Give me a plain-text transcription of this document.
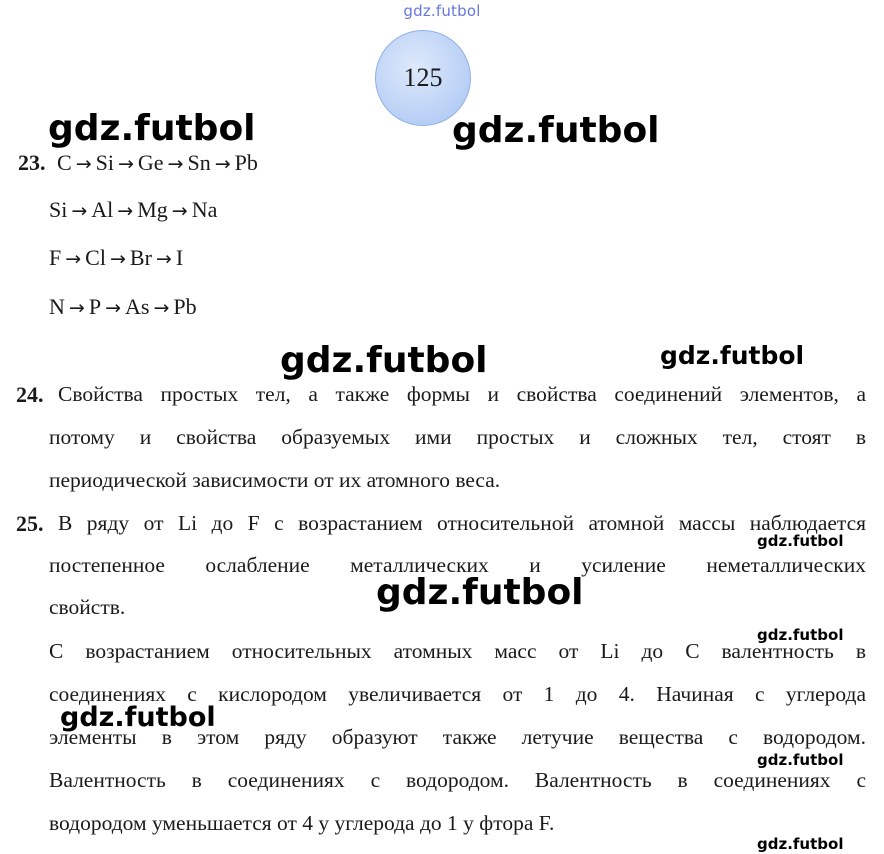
gdz.futbol
125
23. C → Si → Ge → Sn → Pb
Si → Al → Mg → Na
F → Cl → Br → I
N → P → As → Pb
24. Свойства простых тел, а также формы и свойства соединений элементов, а
потому и свойства образуемых ими простых и сложных тел, стоят в
периодической зависимости от их атомного веса.
25. В ряду от Li до F с возрастанием относительной атомной массы наблюдается
постепенное ослабление металлических и усиление неметаллических
свойств.
С возрастанием относительных атомных масс от Li до С валентность в
соединениях с кислородом увеличивается от 1 до 4. Начиная с углерода
элементы в этом ряду образуют также летучие вещества с водородом.
Валентность в соединениях с водородом. Валентность в соединениях с
водородом уменьшается от 4 у углерода до 1 у фтора F.
gdz.futbol	gdz.futbol
gdz.futbol	gdz.futbol
gdz.futbol
gdz.futbol
gdz.futbol
gdz.futbol
gdz.futbol
gdz.futbol
